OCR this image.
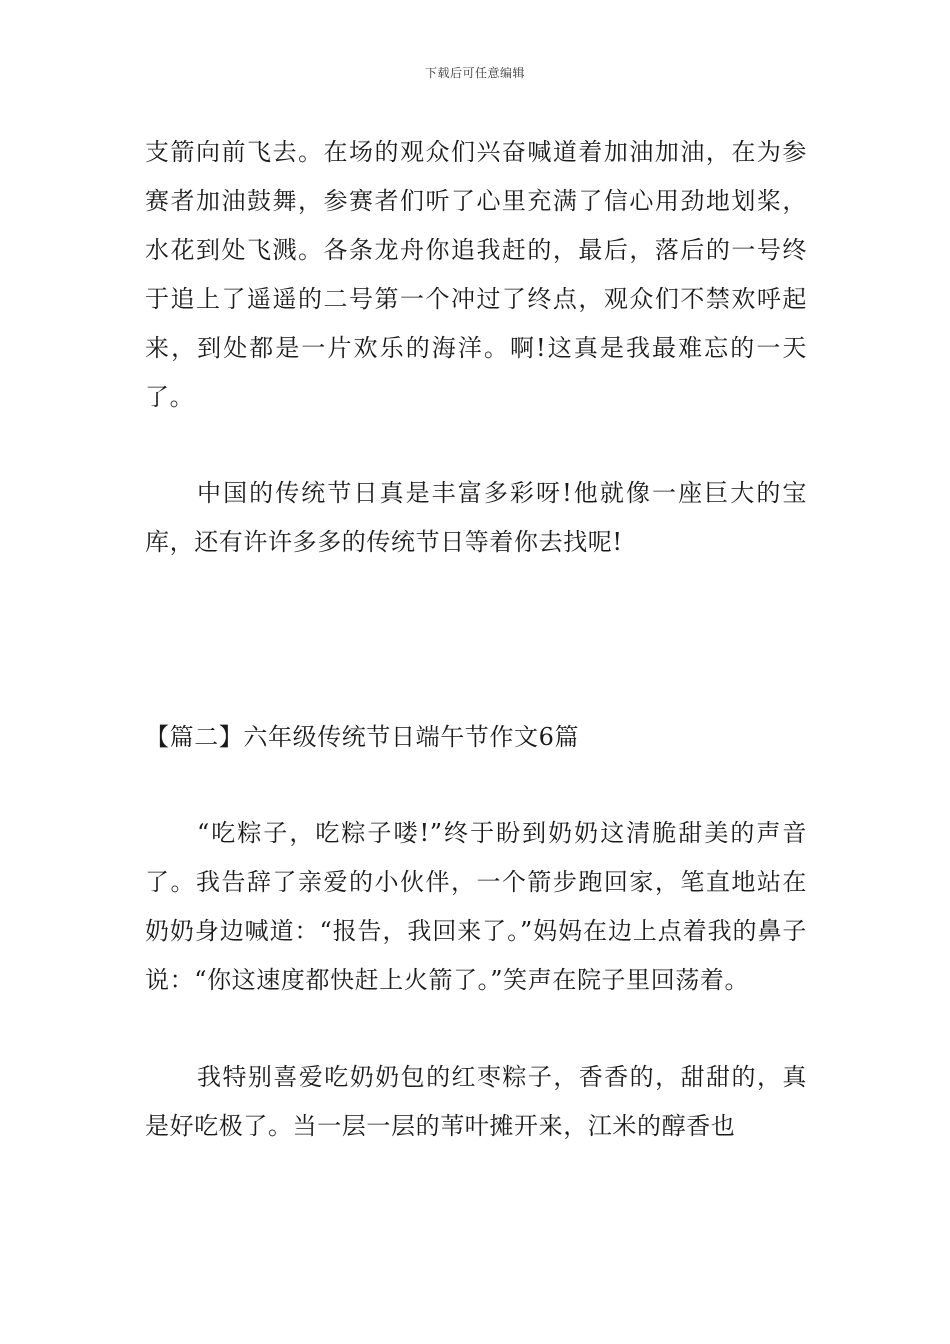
下载后可任意编辑

支箭向前飞去。在场的观众们兴奋喊道着加油加油，在为参赛者加油鼓舞，参赛者们听了心里充满了信心用劲地划桨，水花到处飞溅。各条龙舟你追我赶的，最后，落后的一号终于追上了遥遥的二号第一个冲过了终点，观众们不禁欢呼起来，到处都是一片欢乐的海洋。啊!这真是我最难忘的一天了。

中国的传统节日真是丰富多彩呀!他就像一座巨大的宝库，还有许许多多的传统节日等着你去找呢!

【篇二】六年级传统节日端午节作文6篇

“吃粽子，吃粽子喽!”终于盼到奶奶这清脆甜美的声音了。我告辞了亲爱的小伙伴，一个箭步跑回家，笔直地站在奶奶身边喊道：“报告，我回来了。”妈妈在边上点着我的鼻子说：“你这速度都快赶上火箭了。”笑声在院子里回荡着。

我特别喜爱吃奶奶包的红枣粽子，香香的，甜甜的，真是好吃极了。当一层一层的苇叶摊开来，江米的醇香也
